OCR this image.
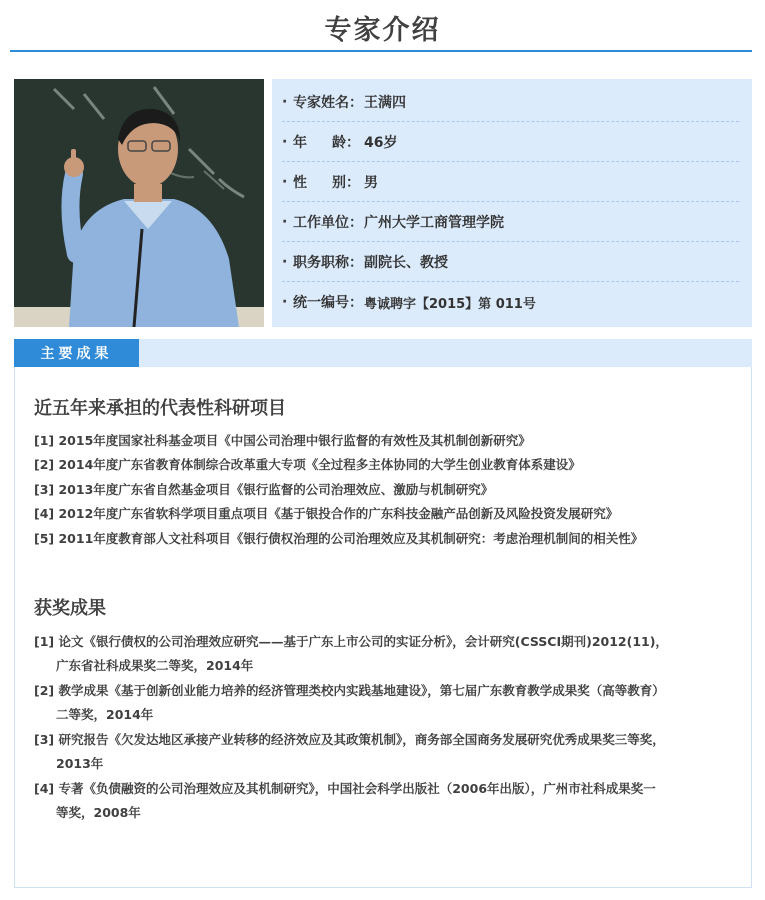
专家介绍
· 专家姓名： 王满四
· 年 龄： 46岁
· 性 别： 男
· 工作单位： 广州大学工商管理学院
· 职务职称： 副院长、教授
· 统一编号： 粤诚聘字【2015】第 011号
主要成果
近五年来承担的代表性科研项目
[1] 2015年度国家社科基金项目《中国公司治理中银行监督的有效性及其机制创新研究》
[2] 2014年度广东省教育体制综合改革重大专项《全过程多主体协同的大学生创业教育体系建设》
[3] 2013年度广东省自然基金项目《银行监督的公司治理效应、激励与机制研究》
[4] 2012年度广东省软科学项目重点项目《基于银投合作的广东科技金融产品创新及风险投资发展研究》
[5] 2011年度教育部人文社科项目《银行债权治理的公司治理效应及其机制研究：考虑治理机制间的相关性》
获奖成果
[1] 论文《银行债权的公司治理效应研究——基于广东上市公司的实证分析》，会计研究(CSSCI期刊)2012(11)，
广东省社科成果奖二等奖，2014年
[2] 教学成果《基于创新创业能力培养的经济管理类校内实践基地建设》，第七届广东教育教学成果奖（高等教育）
二等奖，2014年
[3] 研究报告《欠发达地区承接产业转移的经济效应及其政策机制》，商务部全国商务发展研究优秀成果奖三等奖，
2013年
[4] 专著《负债融资的公司治理效应及其机制研究》，中国社会科学出版社（2006年出版），广州市社科成果奖一
等奖，2008年
